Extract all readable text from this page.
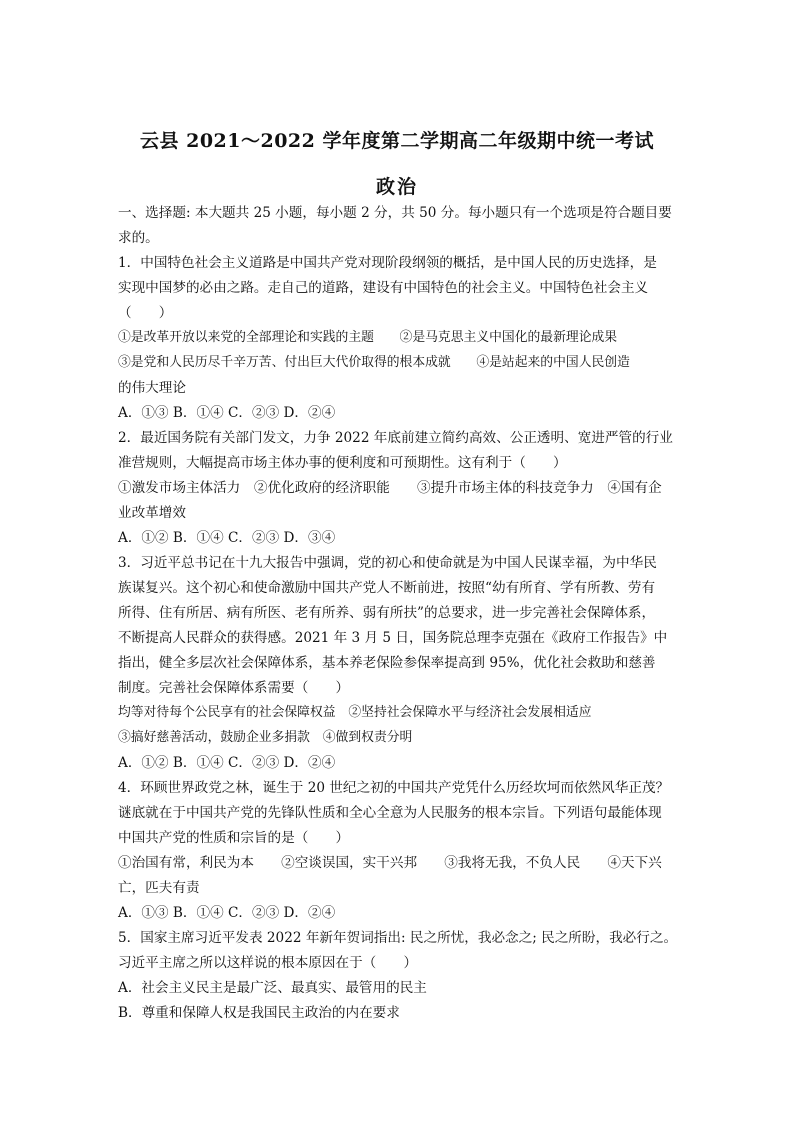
云县 2021～2022 学年度第二学期高二年级期中统一考试
政治
一、选择题: 本大题共 25 小题，每小题 2 分，共 50 分。每小题只有一个选项是符合题目要
求的。
1．中国特色社会主义道路是中国共产党对现阶段纲领的概括，是中国人民的历史选择，是
实现中国梦的必由之路。走自己的道路，建设有中国特色的社会主义。中国特色社会主义
（　　）
①是改革开放以来党的全部理论和实践的主题　　②是马克思主义中国化的最新理论成果
③是党和人民历尽千辛万苦、付出巨大代价取得的根本成就　　④是站起来的中国人民创造
的伟大理论
A．①③ B．①④ C．②③ D．②④
2．最近国务院有关部门发文，力争 2022 年底前建立简约高效、公正透明、宽进严管的行业
准营规则，大幅提高市场主体办事的便利度和可预期性。这有利于（　　）
①激发市场主体活力　②优化政府的经济职能　　③提升市场主体的科技竞争力　④国有企
业改革增效
A．①② B．①④ C．②③ D．③④
3．习近平总书记在十九大报告中强调，党的初心和使命就是为中国人民谋幸福，为中华民
族谋复兴。这个初心和使命激励中国共产党人不断前进，按照“幼有所育、学有所教、劳有
所得、住有所居、病有所医、老有所养、弱有所扶”的总要求，进一步完善社会保障体系，
不断提高人民群众的获得感。2021 年 3 月 5 日，国务院总理李克强在《政府工作报告》中
指出，健全多层次社会保障体系，基本养老保险参保率提高到 95%，优化社会救助和慈善
制度。完善社会保障体系需要（　　）
均等对待每个公民享有的社会保障权益　②坚持社会保障水平与经济社会发展相适应
③搞好慈善活动，鼓励企业多捐款　④做到权责分明
A．①② B．①④ C．②③ D．②④
4．环顾世界政党之林，诞生于 20 世纪之初的中国共产党凭什么历经坎坷而依然风华正茂？
谜底就在于中国共产党的先锋队性质和全心全意为人民服务的根本宗旨。下列语句最能体现
中国共产党的性质和宗旨的是（　　）
①治国有常，利民为本　　②空谈误国，实干兴邦　　③我将无我，不负人民　　④天下兴
亡，匹夫有责
A．①③ B．①④ C．②③ D．②④
5．国家主席习近平发表 2022 年新年贺词指出: 民之所忧，我必念之; 民之所盼，我必行之。
习近平主席之所以这样说的根本原因在于（　　）
A．社会主义民主是最广泛、最真实、最管用的民主
B．尊重和保障人权是我国民主政治的内在要求
